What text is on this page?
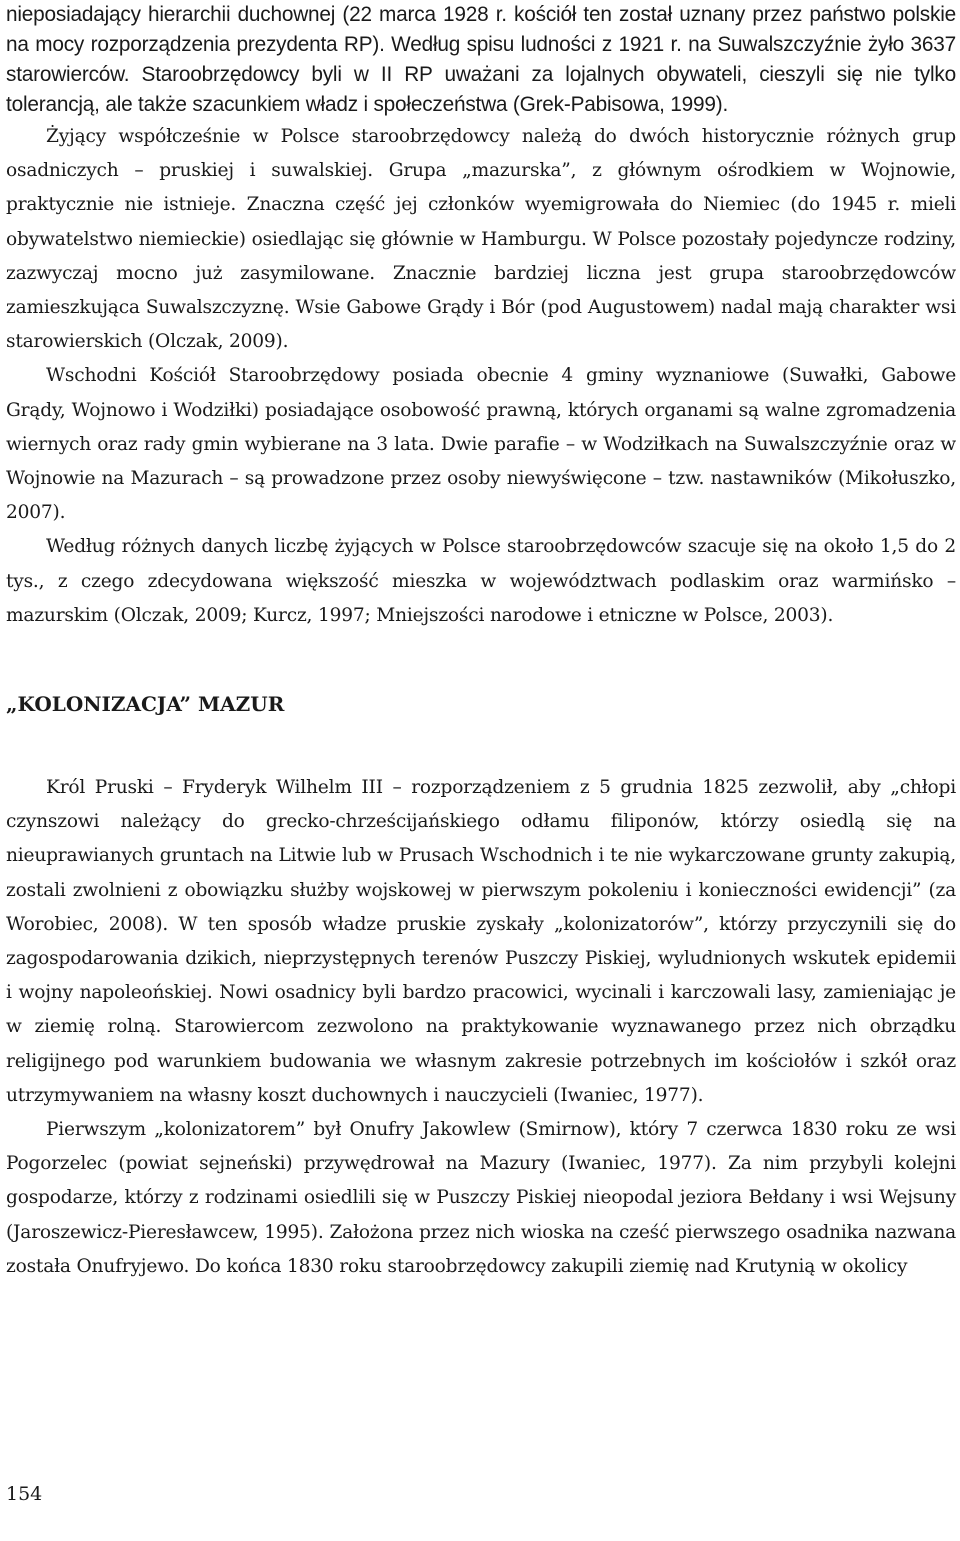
nieposiadający hierarchii duchownej (22 marca 1928 r. kościół ten został uznany przez państwo polskie na mocy rozporządzenia prezydenta RP). Według spisu ludności z 1921 r. na Suwalszczyźnie żyło 3637 starowierców. Staroobrzędowcy byli w II RP uważani za lojalnych obywateli, cieszyli się nie tylko tolerancją, ale także szacunkiem władz i społeczeństwa (Grek-Pabisowa, 1999).

Żyjący współcześnie w Polsce staroobrzędowcy należą do dwóch historycznie różnych grup osadniczych – pruskiej i suwalskiej. Grupa „mazurska”, z głównym ośrodkiem w Wojnowie, praktycznie nie istnieje. Znaczna część jej członków wyemigrowała do Niemiec (do 1945 r. mieli obywatelstwo niemieckie) osiedlając się głównie w Hamburgu. W Polsce pozostały pojedyncze rodziny, zazwyczaj mocno już zasymilowane. Znacznie bardziej liczna jest grupa staroobrzędowców zamieszkująca Suwalszczyznę. Wsie Gabowe Grądy i Bór (pod Augustowem) nadal mają charakter wsi starowierskich (Olczak, 2009).

Wschodni Kościół Staroobrzędowy posiada obecnie 4 gminy wyznaniowe (Suwałki, Gabowe Grądy, Wojnowo i Wodziłki) posiadające osobowość prawną, których organami są walne zgromadzenia wiernych oraz rady gmin wybierane na 3 lata. Dwie parafie – w Wodziłkach na Suwalszczyźnie oraz w Wojnowie na Mazurach – są prowadzone przez osoby niewyświęcone – tzw. nastawników (Mikołuszko, 2007).

Według różnych danych liczbę żyjących w Polsce staroobrzędowców szacuje się na około 1,5 do 2 tys., z czego zdecydowana większość mieszka w województwach podlaskim oraz warmińsko – mazurskim (Olczak, 2009; Kurcz, 1997; Mniejszości narodowe i etniczne w Polsce, 2003).

„KOLONIZACJA” MAZUR

Król Pruski – Fryderyk Wilhelm III – rozporządzeniem z 5 grudnia 1825 zezwolił, aby „chłopi czynszowi należący do grecko-chrześcijańskiego odłamu filiponów, którzy osiedlą się na nieuprawianych gruntach na Litwie lub w Prusach Wschodnich i te nie wykarczowane grunty zakupią, zostali zwolnieni z obowiązku służby wojskowej w pierwszym pokoleniu i konieczności ewidencji” (za Worobiec, 2008). W ten sposób władze pruskie zyskały „kolonizatorów”, którzy przyczynili się do zagospodarowania dzikich, nieprzystępnych terenów Puszczy Piskiej, wyludnionych wskutek epidemii i wojny napoleońskiej. Nowi osadnicy byli bardzo pracowici, wycinali i karczowali lasy, zamieniając je w ziemię rolną. Starowiercom zezwolono na praktykowanie wyznawanego przez nich obrządku religijnego pod warunkiem budowania we własnym zakresie potrzebnych im kościołów i szkół oraz utrzymywaniem na własny koszt duchownych i nauczycieli (Iwaniec, 1977).

Pierwszym „kolonizatorem” był Onufry Jakowlew (Smirnow), który 7 czerwca 1830 roku ze wsi Pogorzelec (powiat sejneński) przywędrował na Mazury (Iwaniec, 1977). Za nim przybyli kolejni gospodarze, którzy z rodzinami osiedlili się w Puszczy Piskiej nieopodal jeziora Bełdany i wsi Wejsuny (Jaroszewicz-Pieresławcew, 1995). Założona przez nich wioska na cześć pierwszego osadnika nazwana została Onufryjewo. Do końca 1830 roku staroobrzędowcy zakupili ziemię nad Krutynią w okolicy

154
